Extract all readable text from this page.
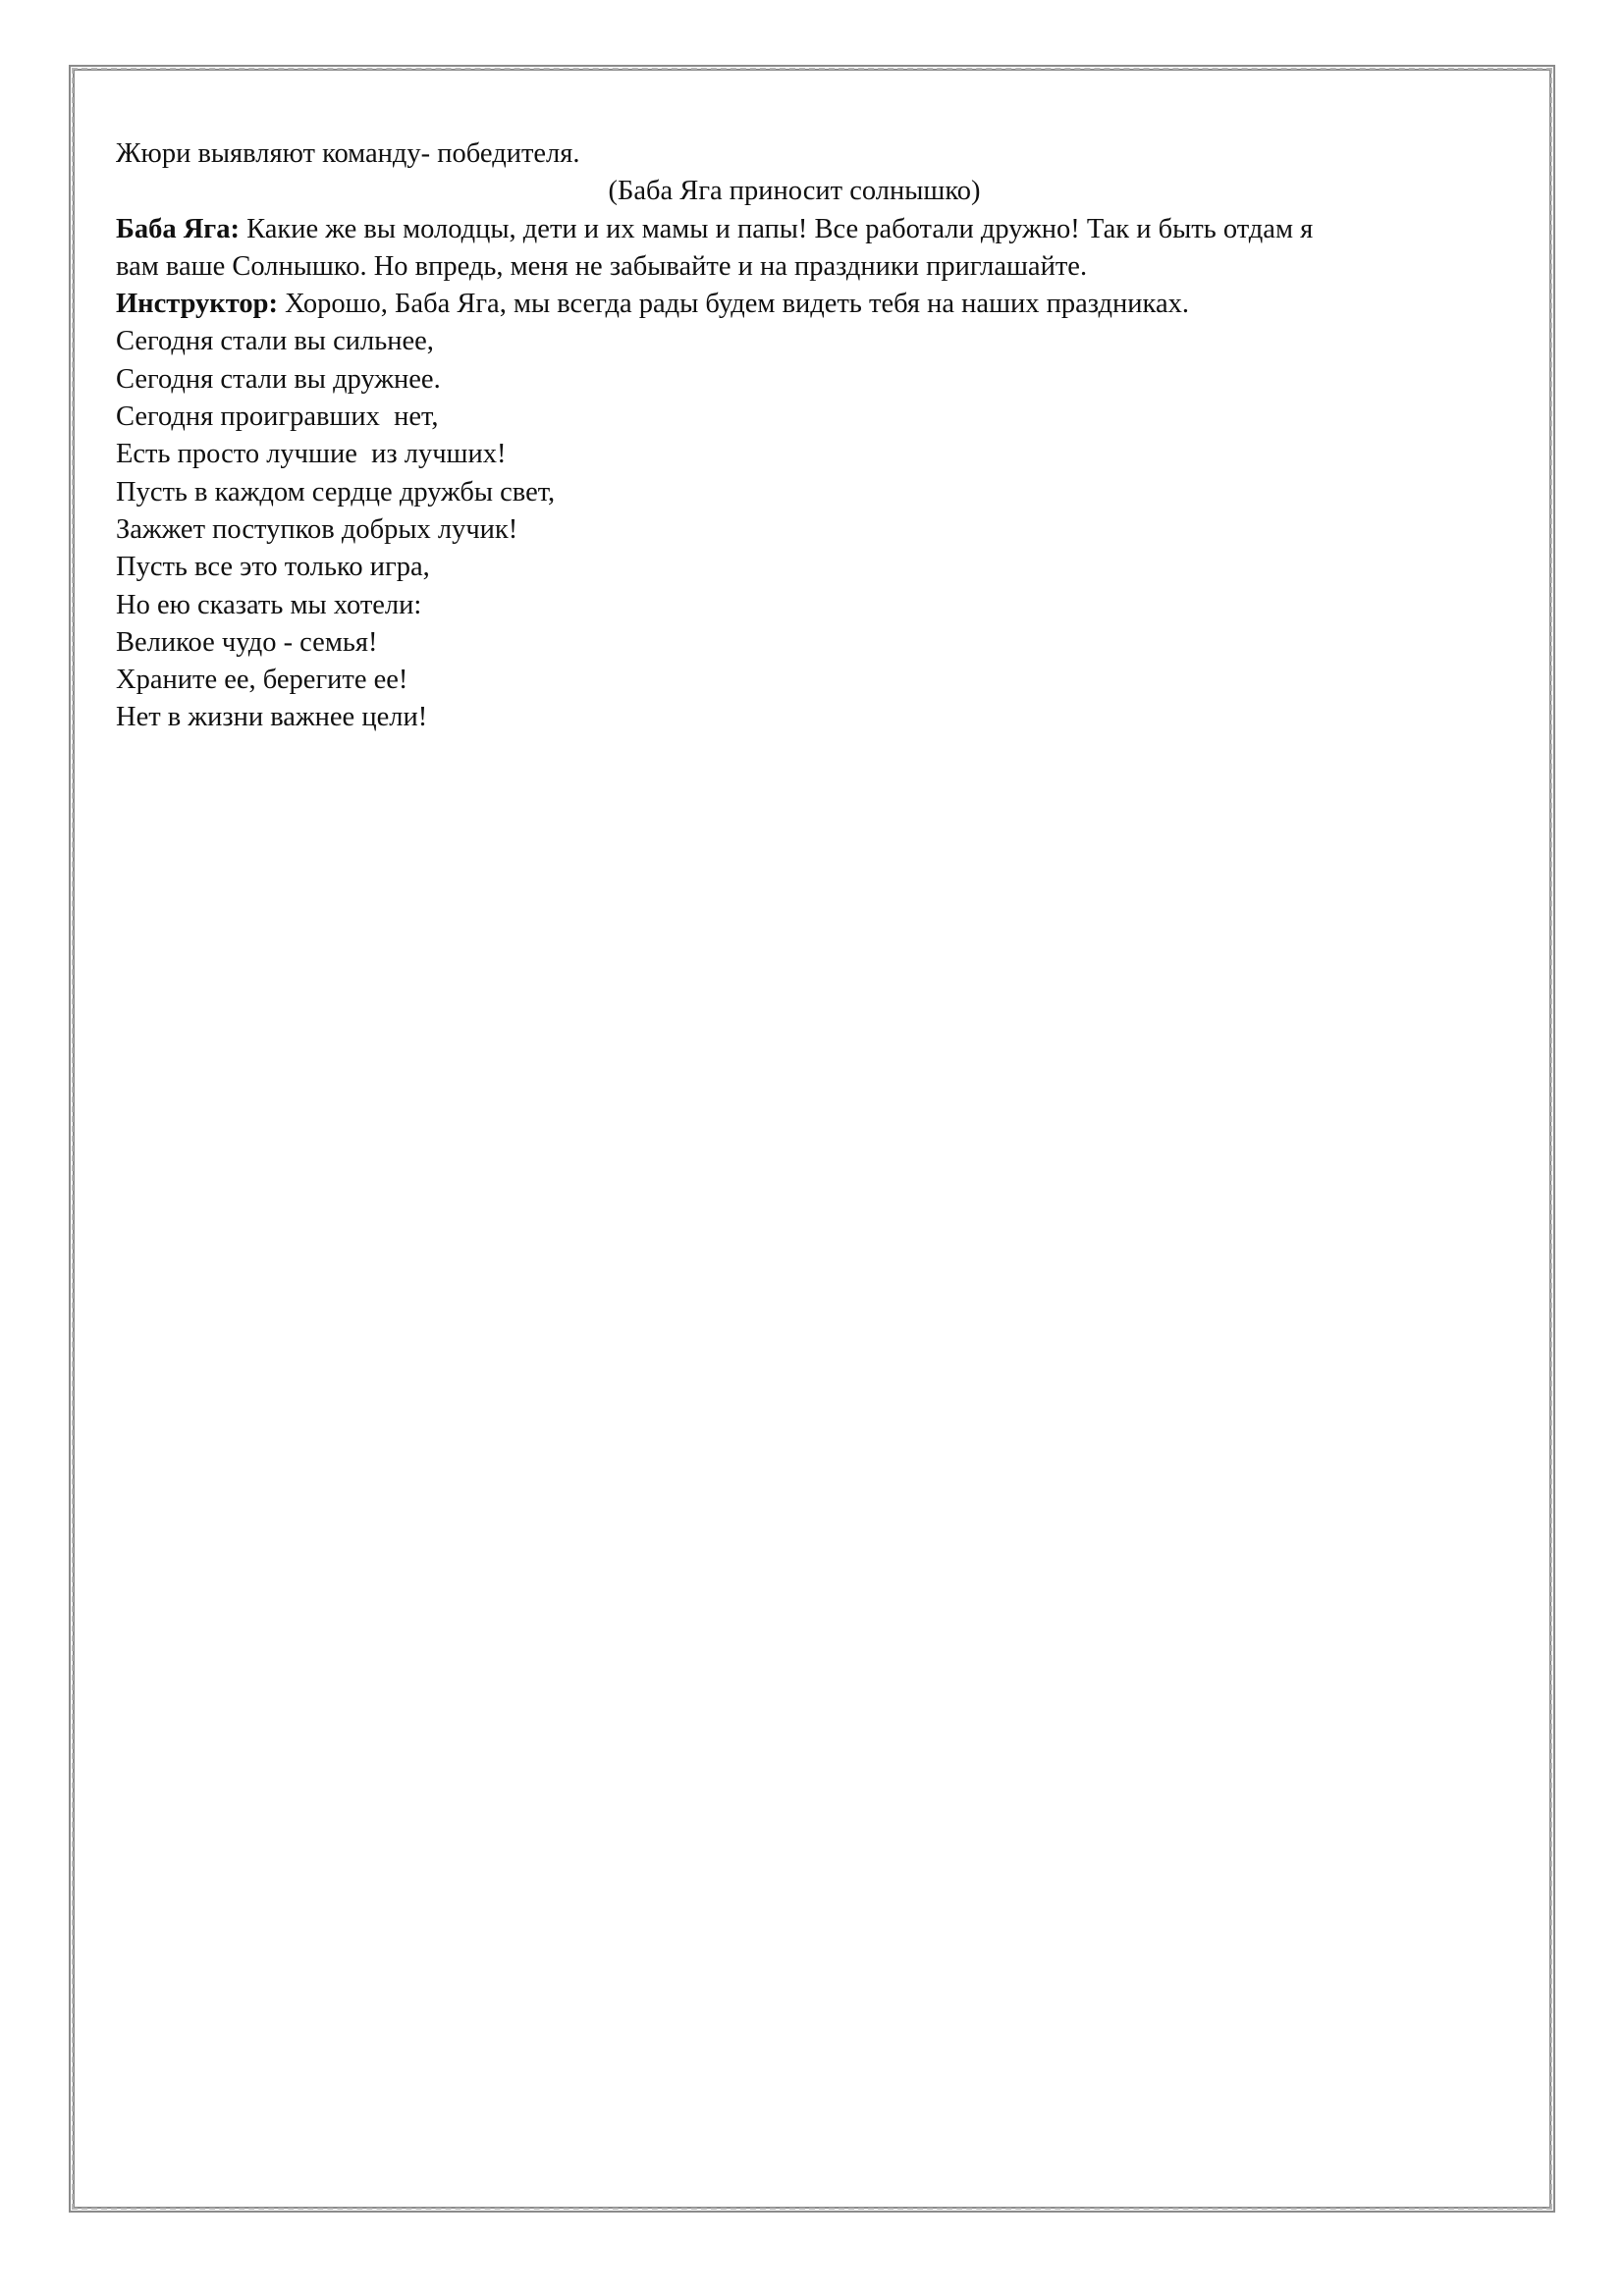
Жюри выявляют команду- победителя.
(Баба Яга приносит солнышко)
Баба Яга: Какие же вы молодцы, дети и их мамы и папы! Все работали дружно! Так и быть отдам я
вам ваше Солнышко. Но впредь, меня не забывайте и на праздники приглашайте.
Инструктор: Хорошо, Баба Яга, мы всегда рады будем видеть тебя на наших праздниках.
Сегодня стали вы сильнее,
Сегодня стали вы дружнее.
Сегодня проигравших  нет,
Есть просто лучшие  из лучших!
Пусть в каждом сердце дружбы свет,
Зажжет поступков добрых лучик!
Пусть все это только игра,
Но ею сказать мы хотели:
Великое чудо - семья!
Храните ее, берегите ее!
Нет в жизни важнее цели!
